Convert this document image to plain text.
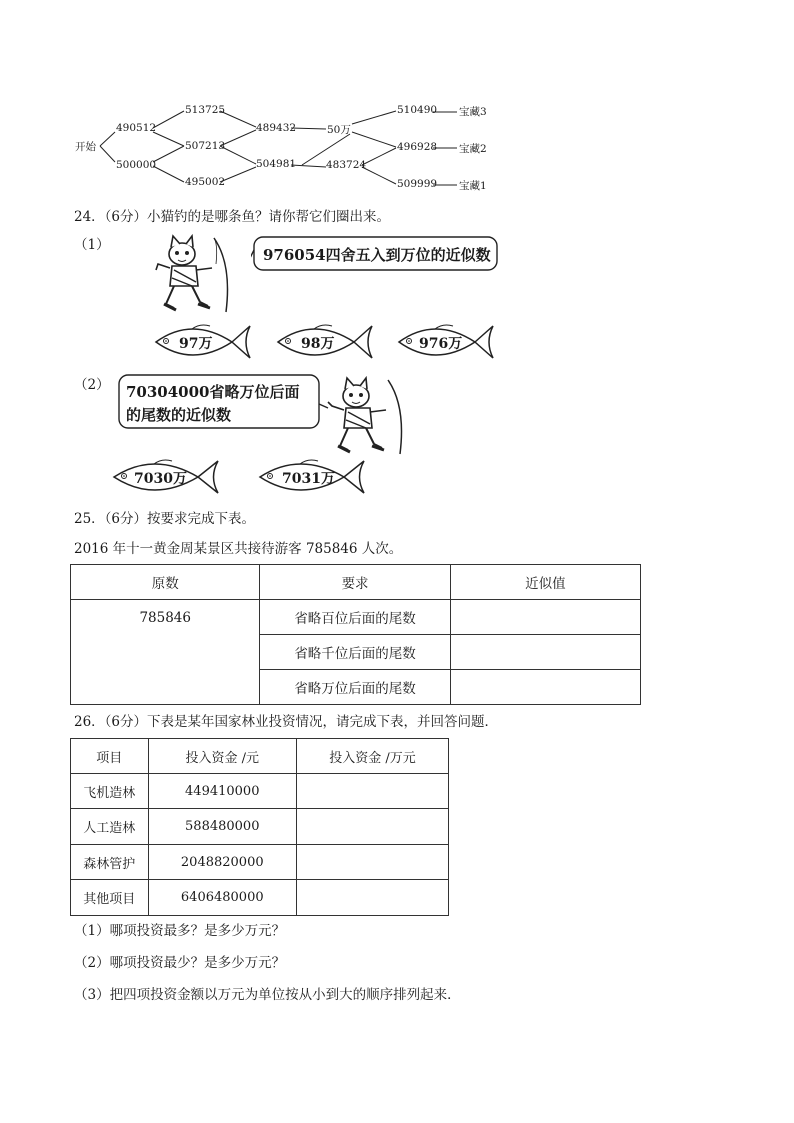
开始
490512
500000
513725
507213
495002
489432
504981
50万
483724
510490
496928
509999
宝藏3
宝藏2
宝藏1
24．（6分）小猫钓的是哪条鱼？请你帮它们圈出来。
（1）
976054四舍五入到万位的近似数
97万	98万	976万
（2） 70304000省略万位后面
的尾数的近似数
7030万	7031万
25．（6分）按要求完成下表。
2016 年十一黄金周某景区共接待游客 785846 人次。
原数	要求	近似值
785846	省略百位后面的尾数	
	省略千位后面的尾数	
	省略万位后面的尾数	
26．（6分）下表是某年国家林业投资情况，请完成下表，并回答问题．
项目	投入资金 /元	投入资金 /万元
飞机造林	449410000	
人工造林	588480000	
森林管护	2048820000	
其他项目	6406480000	
（1）哪项投资最多？是多少万元？
（2）哪项投资最少？是多少万元？
（3）把四项投资金额以万元为单位按从小到大的顺序排列起来．
